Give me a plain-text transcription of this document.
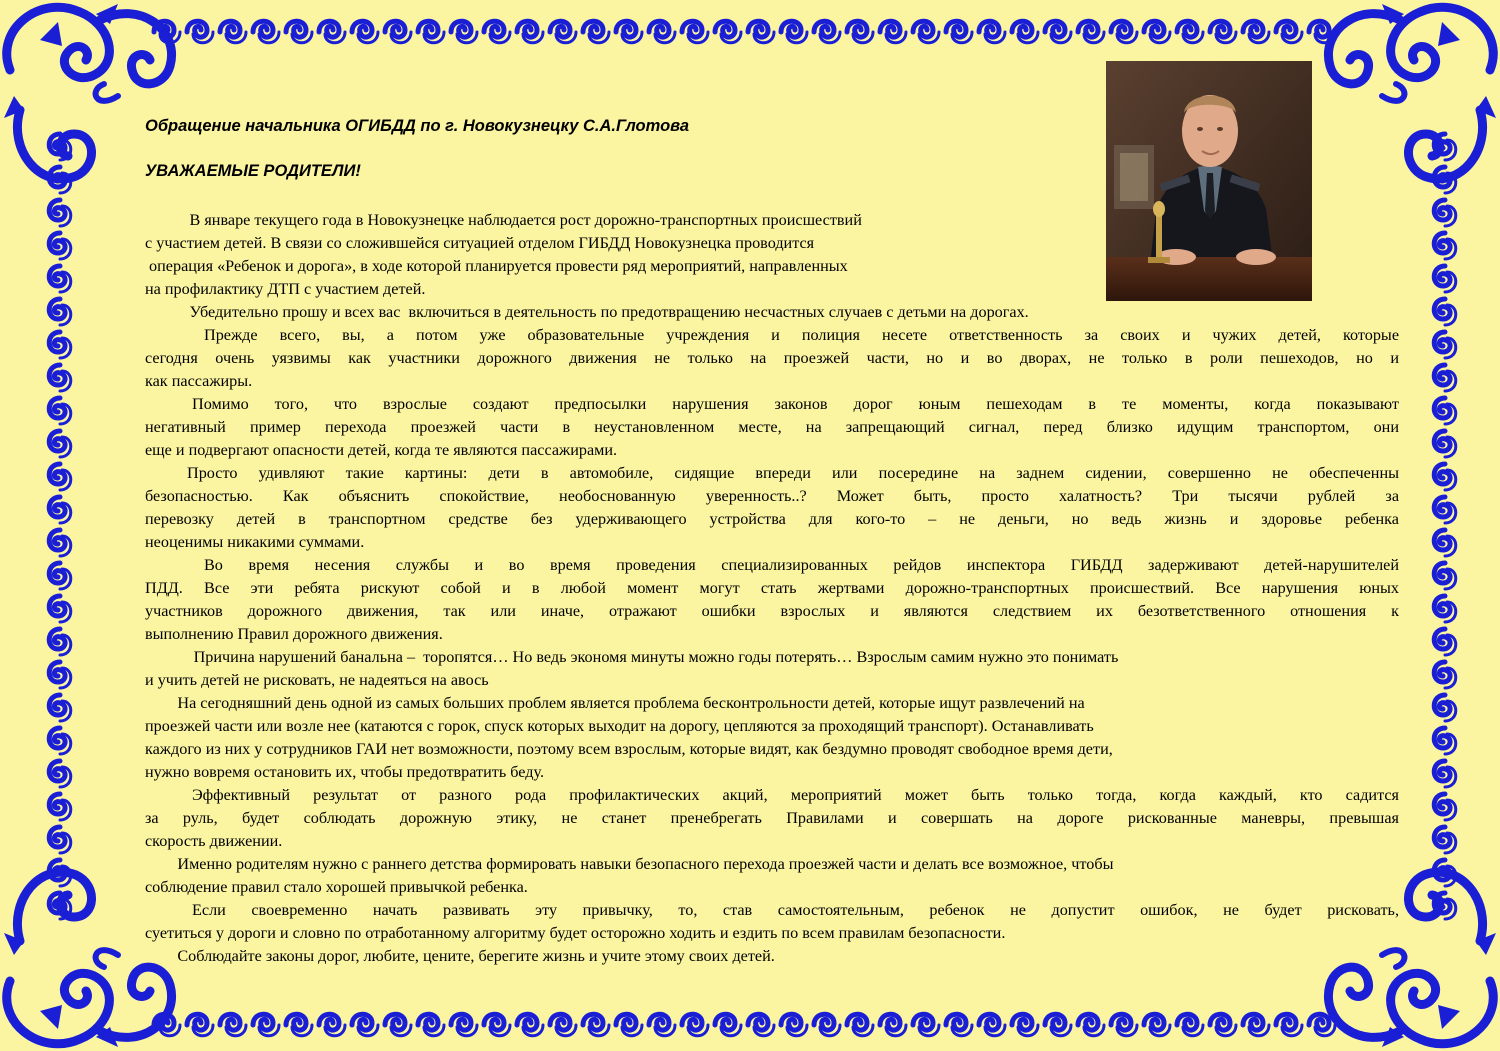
Обращение начальника ОГИБДД по г. Новокузнецку С.А.Глотова
УВАЖАЕМЫЕ РОДИТЕЛИ!
В январе текущего года в Новокузнецке наблюдается рост дорожно-транспортных происшествий
с участием детей. В связи со сложившейся ситуацией отделом ГИБДД Новокузнецка проводится
операция «Ребенок и дорога», в ходе которой планируется провести ряд мероприятий, направленных
на профилактику ДТП с участием детей.
Убедительно прошу и всех вас  включиться в деятельность по предотвращению несчастных случаев с детьми на дорогах.
Прежде всего, вы, а потом уже образовательные учреждения и полиция несете ответственность за своих и чужих детей, которые
сегодня очень уязвимы как участники дорожного движения не только на проезжей части, но и во дворах, не только в роли пешеходов, но и
как пассажиры.
Помимо того, что взрослые создают предпосылки нарушения законов дорог юным пешеходам в те моменты, когда показывают
негативный пример перехода проезжей части в неустановленном месте, на запрещающий сигнал, перед близко идущим транспортом, они
еще и подвергают опасности детей, когда те являются пассажирами.
Просто удивляют такие картины: дети в автомобиле, сидящие впереди или посередине на заднем сидении, совершенно не обеспеченны
безопасностью. Как объяснить спокойствие, необоснованную уверенность..? Может быть, просто халатность? Три тысячи рублей за
перевозку детей в транспортном средстве без удерживающего устройства для кого-то – не деньги, но ведь жизнь и здоровье ребенка
неоценимы никакими суммами.
Во время несения службы и во время проведения специализированных рейдов инспектора ГИБДД задерживают детей-нарушителей
ПДД. Все эти ребята рискуют собой и в любой момент могут стать жертвами дорожно-транспортных происшествий. Все нарушения юных
участников дорожного движения, так или иначе, отражают ошибки взрослых и являются следствием их безответственного отношения к
выполнению Правил дорожного движения.
Причина нарушений банальна –  торопятся… Но ведь экономя минуты можно годы потерять… Взрослым самим нужно это понимать
и учить детей не рисковать, не надеяться на авось
На сегодняшний день одной из самых больших проблем является проблема бесконтрольности детей, которые ищут развлечений на
проезжей части или возле нее (катаются с горок, спуск которых выходит на дорогу, цепляются за проходящий транспорт). Останавливать
каждого из них у сотрудников ГАИ нет возможности, поэтому всем взрослым, которые видят, как бездумно проводят свободное время дети,
нужно вовремя остановить их, чтобы предотвратить беду.
Эффективный результат от разного рода профилактических акций, мероприятий может быть только тогда, когда каждый, кто садится
за руль, будет соблюдать дорожную этику, не станет пренебрегать Правилами и совершать на дороге рискованные маневры, превышая
скорость движении.
Именно родителям нужно с раннего детства формировать навыки безопасного перехода проезжей части и делать все возможное, чтобы
соблюдение правил стало хорошей привычкой ребенка.
Если своевременно начать развивать эту привычку, то, став самостоятельным, ребенок не допустит ошибок, не будет рисковать,
суетиться у дороги и словно по отработанному алгоритму будет осторожно ходить и ездить по всем правилам безопасности.
Соблюдайте законы дорог, любите, цените, берегите жизнь и учите этому своих детей.
